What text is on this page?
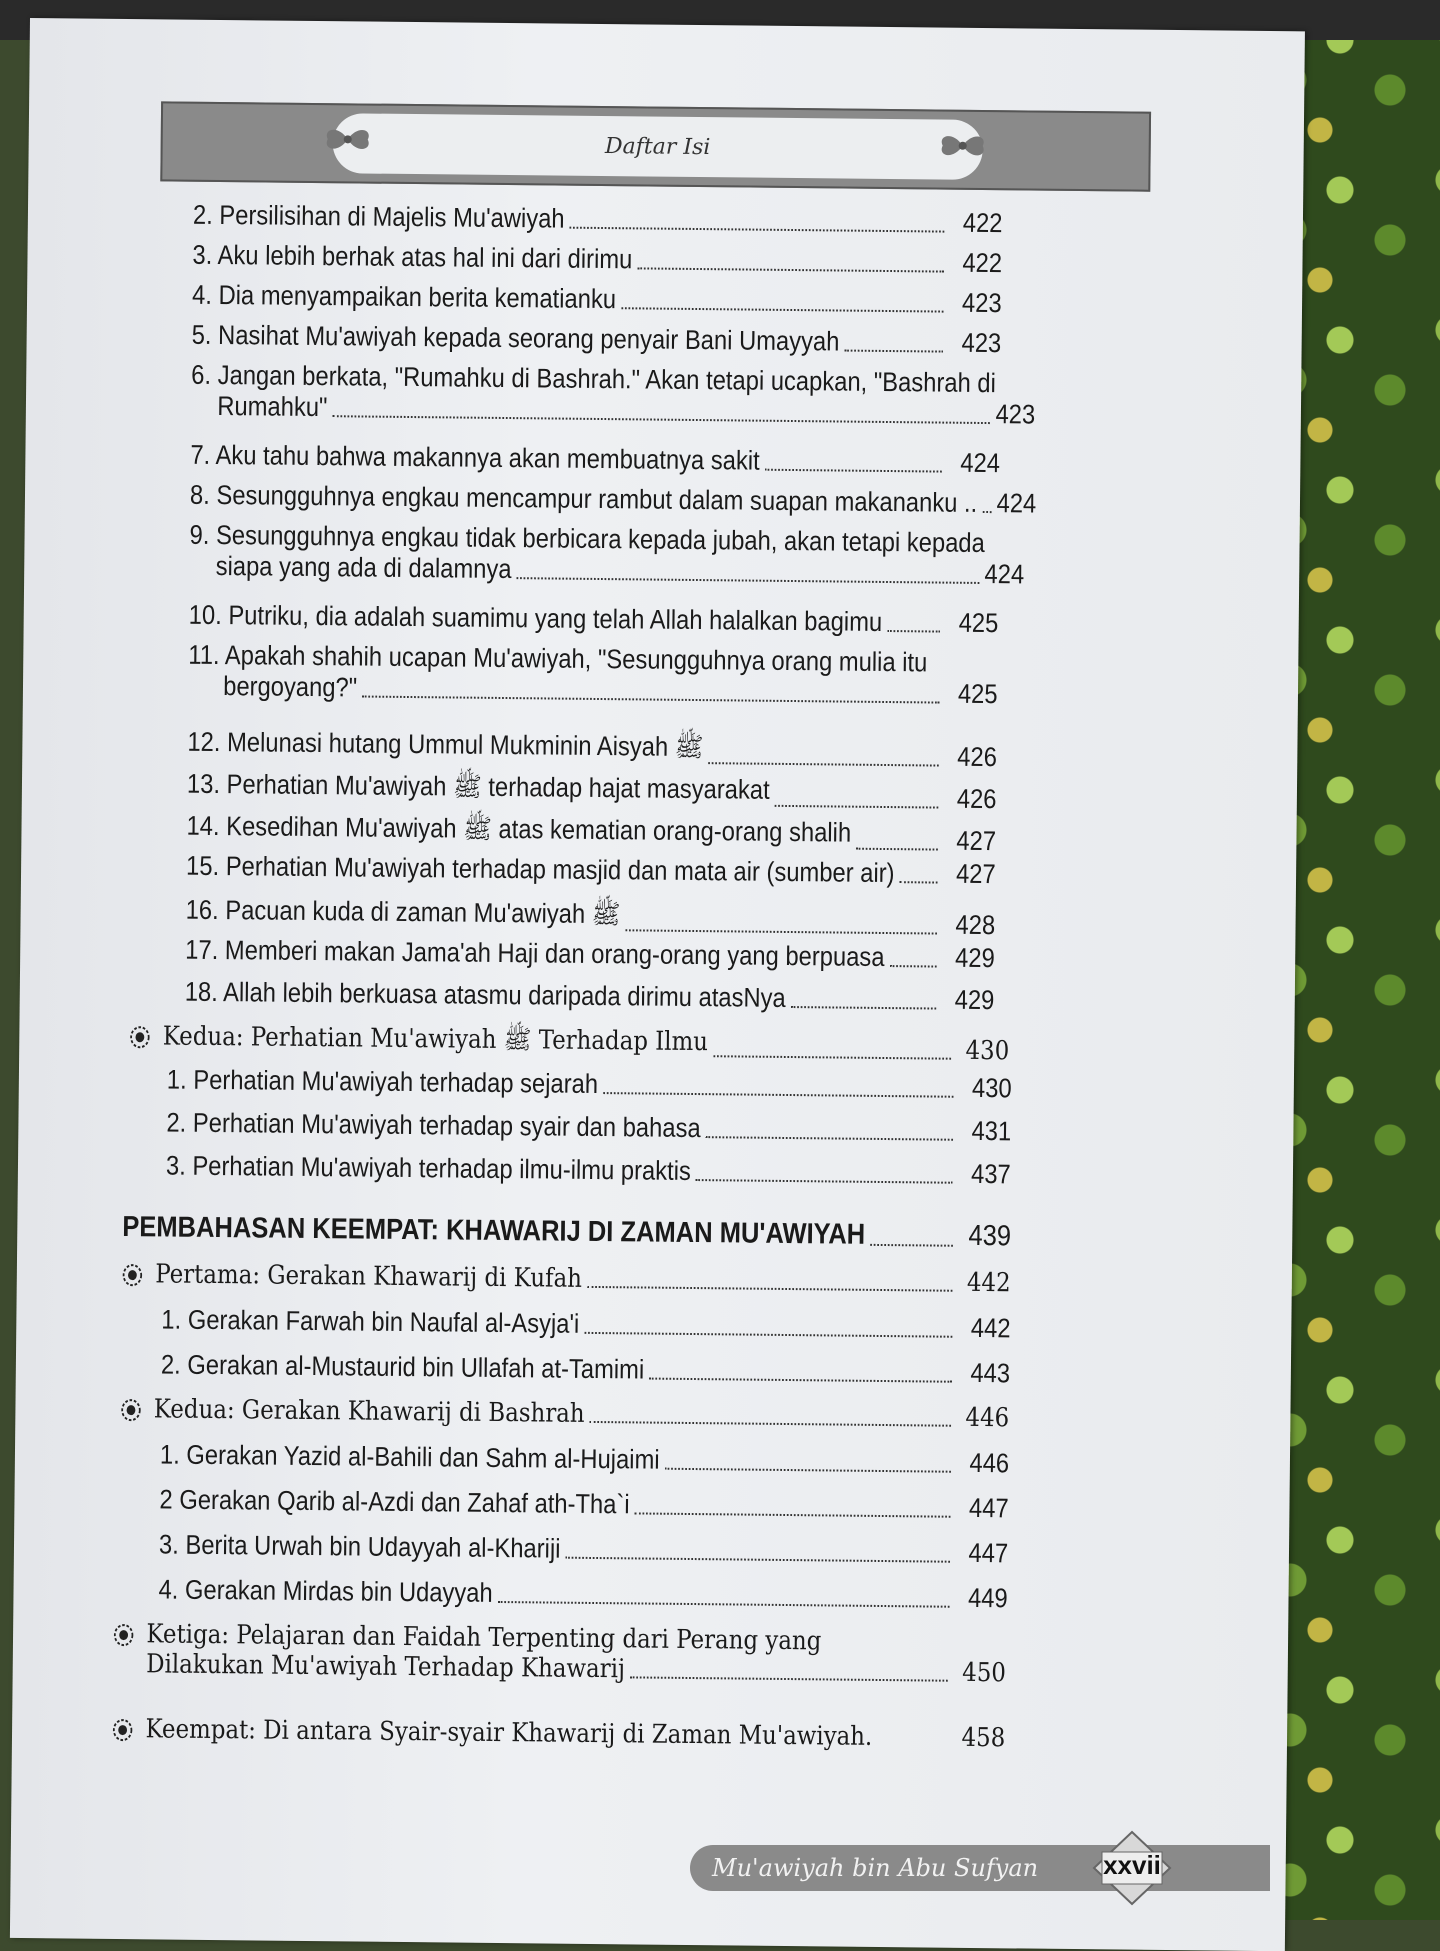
Daftar Isi
2. Persilisihan di Majelis Mu'awiyah	422
3. Aku lebih berhak atas hal ini dari dirimu	422
4. Dia menyampaikan berita kematianku	423
5. Nasihat Mu'awiyah kepada seorang penyair Bani Umayyah	423
6. Jangan berkata, "Rumahku di Bashrah." Akan tetapi ucapkan, "Bashrah di
Rumahku"	423
7. Aku tahu bahwa makannya akan membuatnya sakit	424
8. Sesungguhnya engkau mencampur rambut dalam suapan makananku .. 424
9. Sesungguhnya engkau tidak berbicara kepada jubah, akan tetapi kepada
siapa yang ada di dalamnya	424
10. Putriku, dia adalah suamimu yang telah Allah halalkan bagimu	425
11. Apakah shahih ucapan Mu'awiyah, "Sesungguhnya orang mulia itu
bergoyang?"	425
12. Melunasi hutang Ummul Mukminin Aisyah ﷺ	426
13. Perhatian Mu'awiyah ﷺ terhadap hajat masyarakat	426
14. Kesedihan Mu'awiyah ﷺ atas kematian orang-orang shalih	427
15. Perhatian Mu'awiyah terhadap masjid dan mata air (sumber air)	427
16. Pacuan kuda di zaman Mu'awiyah ﷺ	428
17. Memberi makan Jama'ah Haji dan orang-orang yang berpuasa	429
18. Allah lebih berkuasa atasmu daripada dirimu atasNya	429
Kedua: Perhatian Mu'awiyah ﷺ Terhadap Ilmu	430
1. Perhatian Mu'awiyah terhadap sejarah	430
2. Perhatian Mu'awiyah terhadap syair dan bahasa	431
3. Perhatian Mu'awiyah terhadap ilmu-ilmu praktis	437
PEMBAHASAN KEEMPAT: KHAWARIJ DI ZAMAN MU'AWIYAH	439
Pertama: Gerakan Khawarij di Kufah	442
1. Gerakan Farwah bin Naufal al-Asyja'i	442
2. Gerakan al-Mustaurid bin Ullafah at-Tamimi	443
Kedua: Gerakan Khawarij di Bashrah	446
1. Gerakan Yazid al-Bahili dan Sahm al-Hujaimi	446
2 Gerakan Qarib al-Azdi dan Zahaf ath-Tha`i	447
3. Berita Urwah bin Udayyah al-Khariji	447
4. Gerakan Mirdas bin Udayyah	449
Ketiga: Pelajaran dan Faidah Terpenting dari Perang yang
Dilakukan Mu'awiyah Terhadap Khawarij	450
Keempat: Di antara Syair-syair Khawarij di Zaman Mu'awiyah.	458
Mu'awiyah bin Abu Sufyan	xxvii
